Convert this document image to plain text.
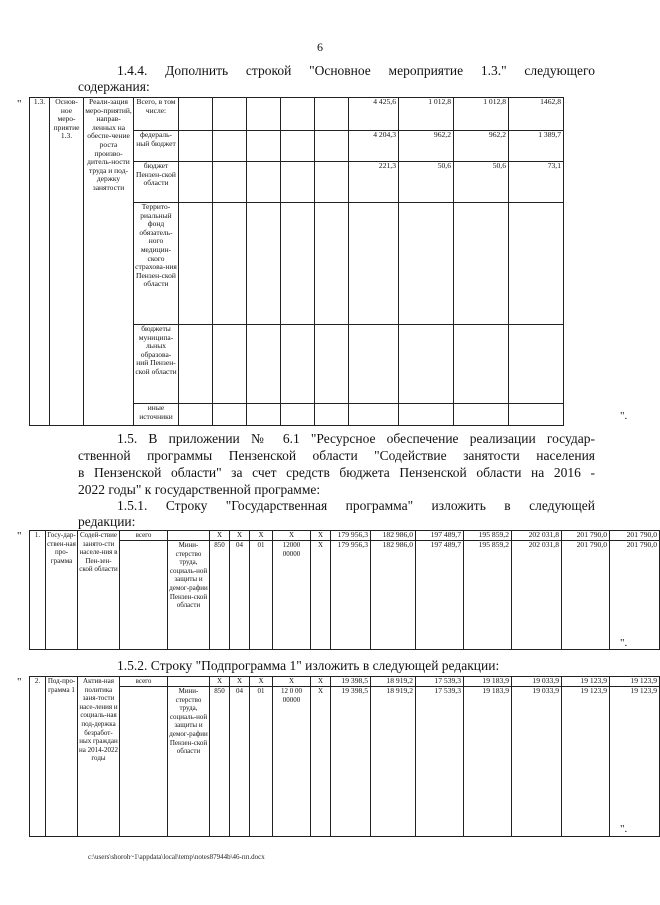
6
1.4.4. Дополнить строкой "Основное мероприятие 1.3." следующего
содержания:
" 1.3.	Основ-ное меро-приятие 1.3.	Реали-зация меро-приятий, направ-ленных на обеспе-чение роста произво-дитель-ности труда и под-держку занятости	Всего, в том числе:						4 425,6	1 012,8	1 012,8	1462,8
			федераль-ный бюджет						4 204,3	962,2	962,2	1 389,7
			бюджет Пензен-ской области						221,3	50,6	50,6	73,1
			Террито-риальный фонд обязатель-ного медицин-ского страхова-ния Пензен-ской области									
			бюджеты муниципа-льных образова-ний Пензен-ской области									
			иные источники										".
1.5. В приложении № 6.1 "Ресурсное обеспечение реализации государ-
ственной программы Пензенской области "Содействие занятости населения
в Пензенской области" за счет средств бюджета Пензенской области на 2016 -
2022 годы" к государственной программе:
1.5.1. Строку "Государственная программа" изложить в следующей
редакции:
" 1.	Госу-дар-ствен-ная про-грамма	Содей-ствие занято-сти населе-ния в Пен-зен-ской области	всего		X	X	X	X	X	179 956,3	182 986,0	197 489,7	195 859,2	202 031,8	201 790,0	201 790,0
				Мини-стерство труда, социаль-ной защиты и демог-рафии Пензен-ской области	850	04	01	12000 00000	X	179 956,3	182 986,0	197 489,7	195 859,2	202 031,8	201 790,0	201 790,0
".
1.5.2. Строку "Подпрограмма 1" изложить в следующей редакции:
2.	Под-про-грамма 1	Актив-ная политика заня-тости насе-ления и социаль-ная под-держка безработ-ных граждан на 2014-2022 годы	всего		X	X	X	X	X	19 398,5	18 919,2	17 539,3	19 183,9	19 033,9	19 123,9	19 123,9
				Мини-стерство труда, социаль-ной защиты и демог-рафии Пензен-ской области	850	04	01	12 0 00 00000	X	19 398,5	18 919,2	17 539,3	19 183,9	19 033,9	19 123,9	19 123,9
"
".
c:\users\shoroh~1\appdata\local\temp\notes87944b\46-пп.docx
